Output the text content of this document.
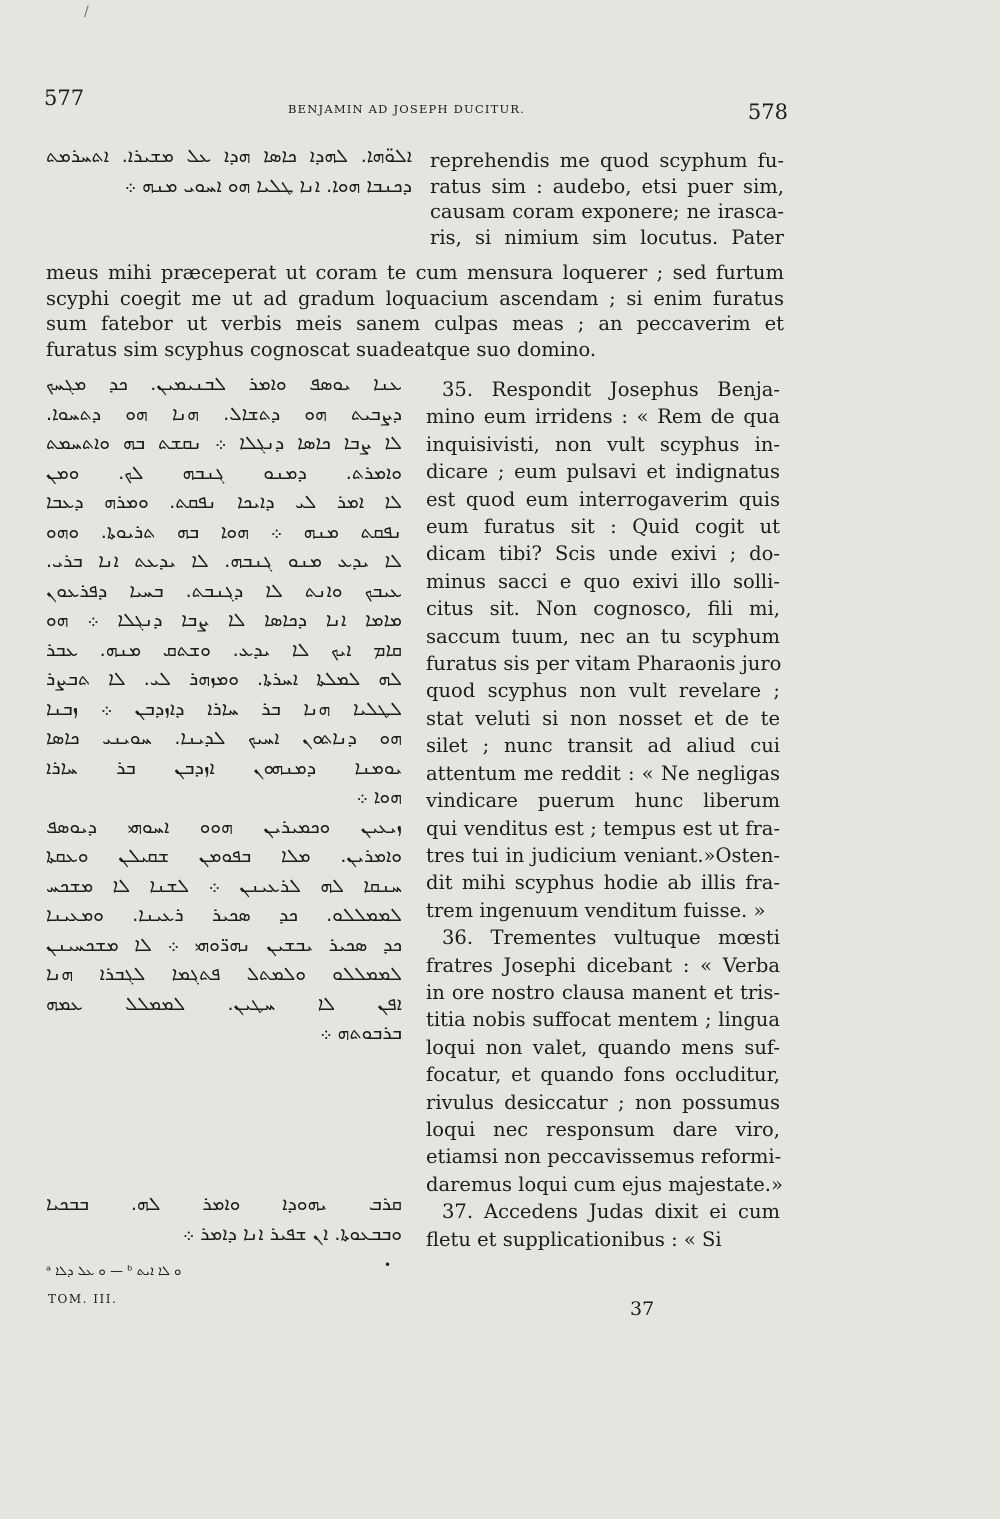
/
577	BENJAMIN AD JOSEPH DUCITUR.	578
ܐܠܘ̈ܗܐ. ܠܗܕܐ ܟܐܣܐ ܗܕܐ ܥܠ ܡܫܝܪܐ. ܐܬܚܪܡܬ
ܕܟܢܒܐ ܗܘܐ. ܐܢܐ ܛܠܝܐ ܗܘ ܐܚܘܝ ܡܢܗ ܀
reprehendis me quod scyphum fu-
ratus sim : audebo, etsi puer sim,
causam coram exponere; ne irasca-
ris, si nimium sim locutus. Pater
meus mihi præceperat ut coram te cum mensura loquerer ; sed furtum
scyphi coegit me ut ad gradum loquacium ascendam ; si enim furatus
sum fatebor ut verbis meis sanem culpas meas ; an peccaverim et
furatus sim scyphus cognoscat suadeatque suo domino.
ܥܢܐ ܝܘܣܦ ܘܐܡܪ ܠܒܢܝܡܝܢ. ܟܕ ܡܓܚܟ
ܕܨܒܝܬ ܗܘ ܕܬܫܐܠ. ܗܢܐ ܗܘ ܕܬܚܘܐ.
ܠܐ ܨܒܐ ܟܐܣܐ ܕܢܓܠܐ ܀ ܢܩܫܬ ܒܗ ܘܐܬܚܡܬ
ܘܐܡܪܬ. ܕܡܢܘ ܓܢܒܗ ܠܟ. ܘܡܢ
ܠܐ ܐܡܪ ܠܝ ܕܐܝܟܐ ܢܦܩܬ. ܘܡܪܗ ܕܥܒܐ
ܢܦܩܬ ܡܢܗ ܀ ܗܘܐ ܒܗ ܬܪܝܘܬܐ. ܘܗܘ
ܠܐ ܝܕܥ ܡܢܘ ܓܢܒܗ. ܠܐ ܝܕܥܬ ܐܢܐ ܒܪܝ.
ܥܝܒܟ ܘܐܢܬ ܠܐ ܕܓܢܒܬ. ܒܚܝܐ ܕܦܪܥܘܢ
ܡܐܡܐ ܐܢܐ ܕܟܐܣܐ ܠܐ ܨܒܐ ܕܢܓܠܐ ܀ ܗܘ
ܩܐܡ ܐܝܟ ܠܐ ܝܕܥ. ܘܫܬܩ ܡܢܗ. ܥܒܪ
ܠܗ ܠܡܠܬܐ ܐܚܪܬܐ. ܘܡܙܗܪ ܠܝ. ܠܐ ܬܒܨܪ
ܠܛܠܝܐ ܗܢܐ ܒܪ ܚܐܪܐ ܕܐܙܕܒܢ ܀ ܙܒܢܐ
ܗܘ ܕܢܐܬܘܢ ܐܚܝܟ ܠܕܝܢܐ. ܚܘܝܢܝ ܟܐܣܐ
ܝܘܡܢܐ ܕܡܢܗܘܢ ܐܙܕܒܢ ܒܪ ܚܐܪܐ
ܗܘܐ ܀
ܙܝܥܝܢ ܘܟܡܝܪܝܢ ܗܘܘ ܐܚܘܗܝ ܕܝܘܣܦ
ܘܐܡܪܝܢ. ܡܠܐ ܒܦܘܡܢ ܫܩܝܠܢ ܘܥܩܬܐ
ܚܢܩܐ ܠܗ ܠܪܥܝܢܢ ܀ ܠܫܢܐ ܠܐ ܡܫܟܚ
ܠܡܡܠܠܘ. ܟܕ ܣܟܝܪ ܪܥܝܢܐ. ܘܡܥܝܢܐ
ܟܕ ܣܟܝܪ ܝܒܫܝܢ ܢܗܪ̈ܘܗܝ ܀ ܠܐ ܡܫܟܚܝܢܢ
ܠܡܡܠܠܘ ܘܠܡܬܠ ܦܬܓܡܐ ܠܓܒܪܐ ܗܢܐ
ܐܦܢ ܠܐ ܚܛܝܢ. ܠܡܡܠܠ ܥܡܗ
ܒܪܒܘܬܗ ܀
35. Respondit Josephus Benja-
mino eum irridens : « Rem de qua
inquisivisti, non vult scyphus in-
dicare ; eum pulsavi et indignatus
est quod eum interrogaverim quis
eum furatus sit : Quid cogit ut
dicam tibi? Scis unde exivi ; do-
minus sacci e quo exivi illo solli-
citus sit. Non cognosco, fili mi,
saccum tuum, nec an tu scyphum
furatus sis per vitam Pharaonis juro
quod scyphus non vult revelare ;
stat veluti si non nosset et de te
silet ; nunc transit ad aliud cui
attentum me reddit : « Ne negligas
vindicare puerum hunc liberum
qui venditus est ; tempus est ut fra-
tres tui in judicium veniant.»Osten-
dit mihi scyphus hodie ab illis fra-
trem ingenuum venditum fuisse. »
36. Trementes vultuque mœsti
fratres Josephi dicebant : « Verba
in ore nostro clausa manent et tris-
titia nobis suffocat mentem ; lingua
loqui non valet, quando mens suf-
focatur, et quando fons occluditur,
rivulus desiccatur ; non possumus
loqui nec responsum dare viro,
etiamsi non peccavissemus reformi-
daremus loqui cum ejus majestate.»
37. Accedens Judas dixit ei cum
fletu et supplicationibus : « Si
ܩܪܒ ܝܗܘܕܐ ܘܐܡܪ ܠܗ. ܒܒܟܝܐ
ܘܒܒܥܘܬܐ. ܐܢ ܫܦܝܪ ܐܢܐ ܕܐܡܪ ܀
•
ᵃ ܘ ܥܠ ܕܠܐ — ᵇ ܘ ܠܐ ܐܝܬ
TOM. III.	37
